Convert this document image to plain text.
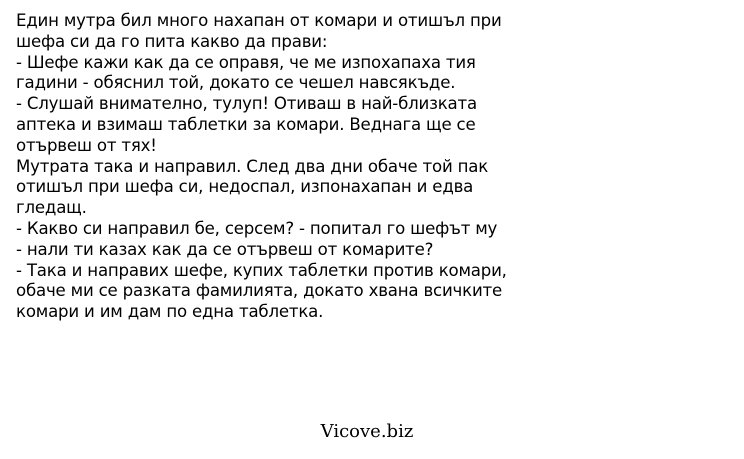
Един мутра бил много нахапан от комари и отишъл при
шефа си да го пита какво да прави:
- Шефе кажи как да се оправя, че ме изпохапаха тия
гадини - обяснил той, докато се чешел навсякъде.
- Слушай внимателно, тулуп! Отиваш в най-близката
аптека и взимаш таблетки за комари. Веднага ще се
отървеш от тях!
Мутрата така и направил. След два дни обаче той пак
отишъл при шефа си, недоспал, изпонахапан и едва
гледащ.
- Какво си направил бе, серсем? - попитал го шефът му
- нали ти казах как да се отървеш от комарите?
- Така и направих шефе, купих таблетки против комари,
обаче ми се разката фамилията, докато хвана всичките
комари и им дам по една таблетка.
Vicove.biz
